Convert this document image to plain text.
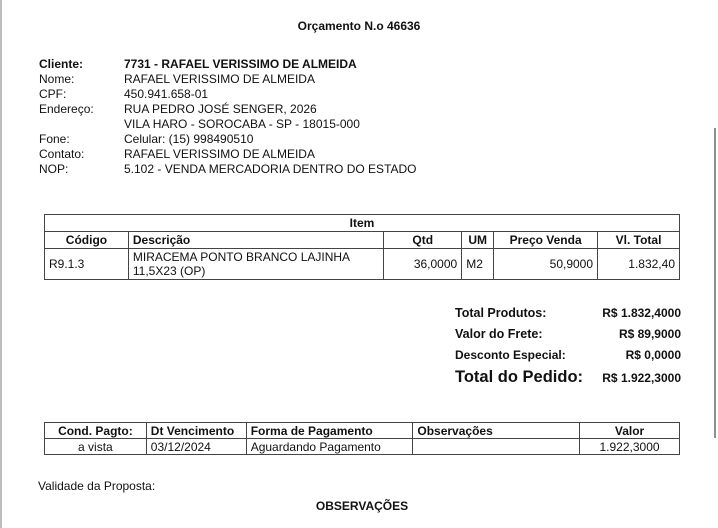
Orçamento N.o 46636
Cliente:	7731 - RAFAEL VERISSIMO DE ALMEIDA
Nome:	RAFAEL VERISSIMO DE ALMEIDA
CPF:	450.941.658-01
Endereço:	RUA PEDRO JOSÉ SENGER, 2026
VILA HARO - SOROCABA - SP - 18015-000
Fone:	Celular: (15) 998490510
Contato:	RAFAEL VERISSIMO DE ALMEIDA
NOP:	5.102 - VENDA MERCADORIA DENTRO DO ESTADO
Item					
Código	Descrição	Qtd	UM	Preço Venda	Vl. Total
R9.1.3	MIRACEMA PONTO BRANCO LAJINHA 11,5X23 (OP)	36,0000	M2	50,9000	1.832,40
Total Produtos:	R$ 1.832,4000
Valor do Frete:	R$ 89,9000
Desconto Especial:	R$ 0,0000
Total do Pedido: R$ 1.922,3000
Cond. Pagto:	Dt Vencimento	Forma de Pagamento	Observações	Valor
a vista	03/12/2024	Aguardando Pagamento		1.922,3000
Validade da Proposta:
OBSERVAÇÕES
